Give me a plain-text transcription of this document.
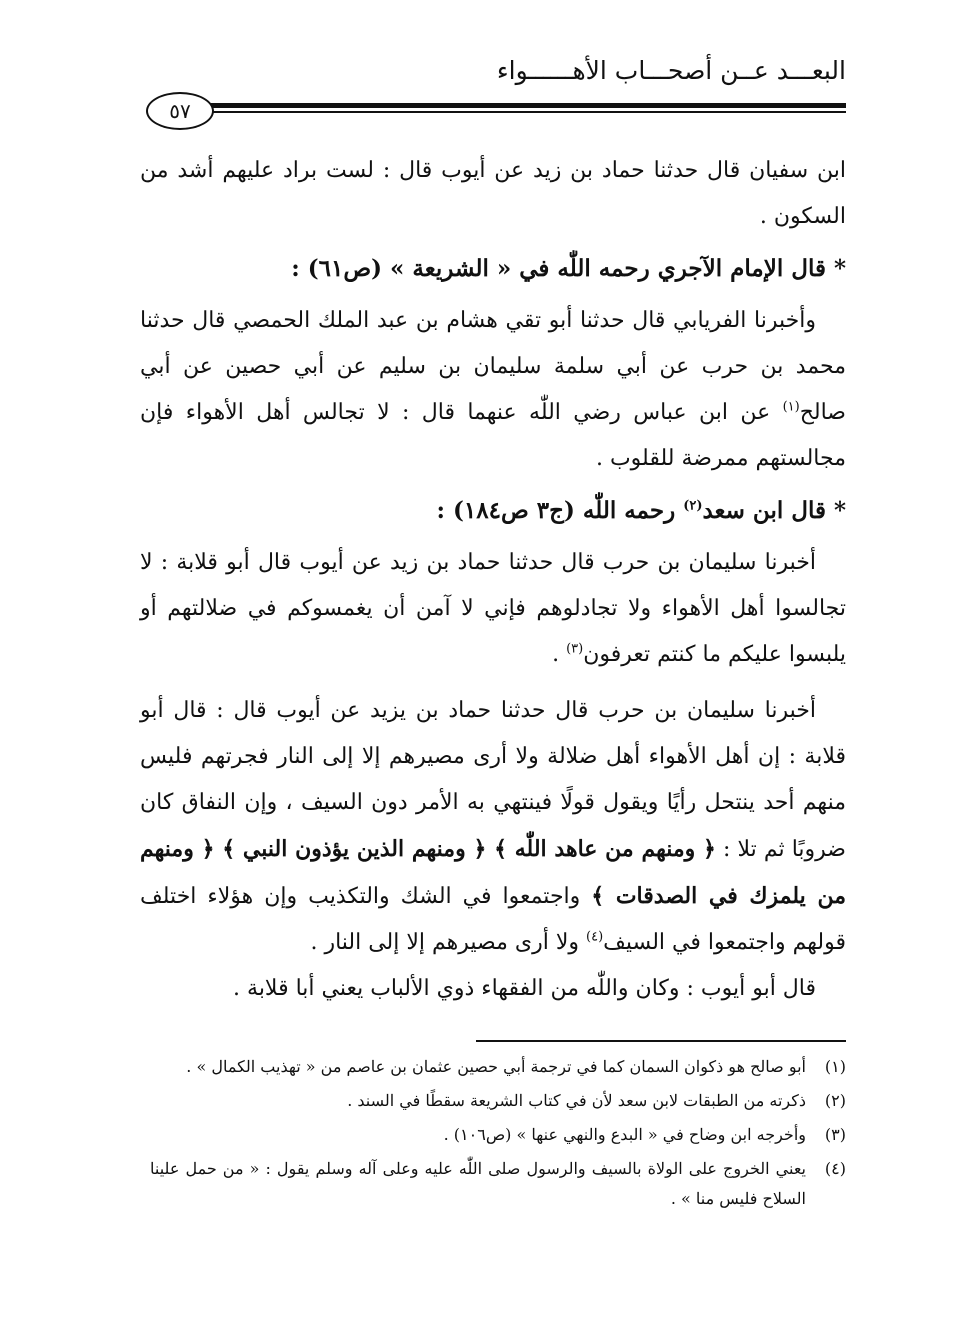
البعـــد عــن أصحـــاب الأهــــــواء
٥٧

ابن سفيان قال حدثنا حماد بن زيد عن أيوب قال : لست براد عليهم أشد من السكون .

* قال الإمام الآجري رحمه اللّٰه في « الشريعة » (ص٦١) :

وأخبرنا الفريابي قال حدثنا أبو تقي هشام بن عبد الملك الحمصي قال حدثنا محمد بن حرب عن أبي سلمة سليمان بن سليم عن أبي حصين عن أبي صالح$^{(١)}$ عن ابن عباس رضي اللّٰه عنهما قال : لا تجالس أهل الأهواء فإن مجالستهم ممرضة للقلوب .

* قال ابن سعد$^{(٢)}$ رحمه اللّٰه (ج٣ ص١٨٤) :

أخبرنا سليمان بن حرب قال حدثنا حماد بن زيد عن أيوب قال أبو قلابة : لا تجالسوا أهل الأهواء ولا تجادلوهم فإني لا آمن أن يغمسوكم في ضلالتهم أو يلبسوا عليكم ما كنتم تعرفون$^{(٣)}$ .

أخبرنا سليمان بن حرب قال حدثنا حماد بن يزيد عن أيوب قال : قال أبو قلابة : إن أهل الأهواء أهل ضلالة ولا أرى مصيرهم إلا إلى النار فجرتهم فليس منهم أحد ينتحل رأيًا ويقول قولًا فينتهي به الأمر دون السيف ، وإن النفاق كان ضروبًا ثم تلا : ﴿ ومنهم من عاهد اللّٰه ﴾ ﴿ ومنهم الذين يؤذون النبي ﴾ ﴿ ومنهم من يلمزك في الصدقات ﴾ واجتمعوا في الشك والتكذيب وإن هؤلاء اختلف قولهم واجتمعوا في السيف$^{(٤)}$ ولا أرى مصيرهم إلا إلى النار .

قال أبو أيوب : وكان واللّٰه من الفقهاء ذوي الألباب يعني أبا قلابة .

(١)
أبو صالح هو ذكوان السمان كما في ترجمة أبي حصين عثمان بن عاصم من « تهذيب الكمال » .
(٢)
ذكرته من الطبقات لابن سعد لأن في كتاب الشريعة سقطًا في السند .
(٣)
وأخرجه ابن وضاح في « البدع والنهي عنها » (ص١٠٦) .
(٤)
يعني الخروج على الولاة بالسيف والرسول صلى اللّٰه عليه وعلى آله وسلم يقول : « من حمل علينا السلاح فليس منا » .
